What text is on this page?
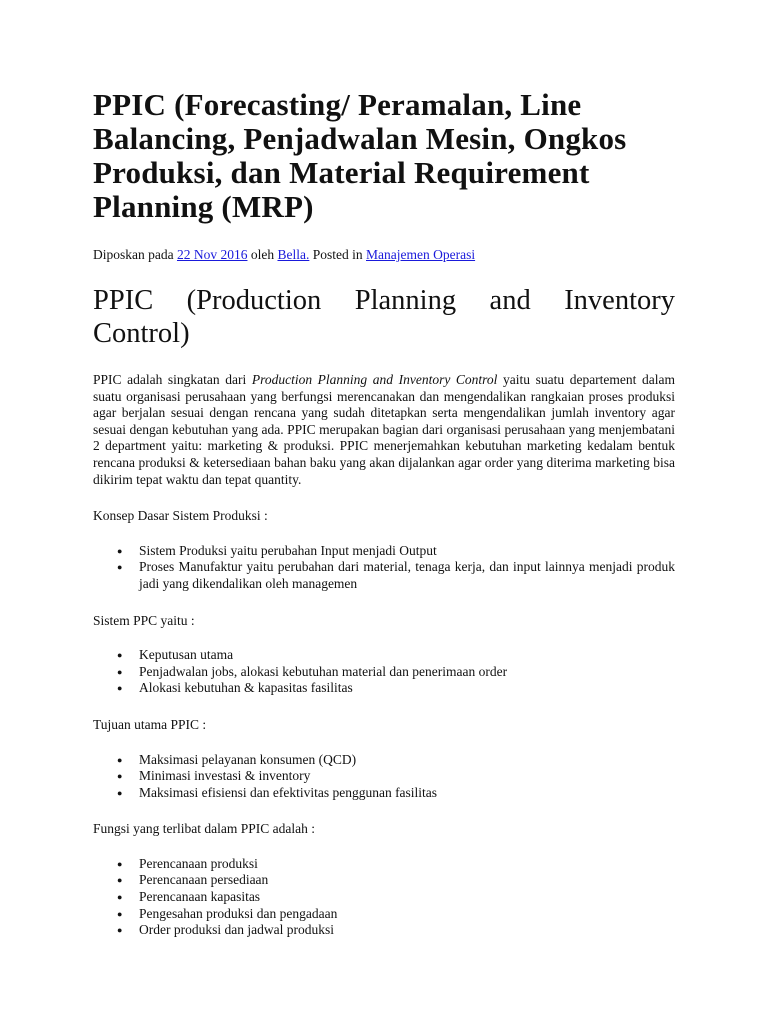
PPIC (Forecasting/ Peramalan, Line Balancing, Penjadwalan Mesin, Ongkos Produksi, dan Material Requirement Planning (MRP)
Diposkan pada 22 Nov 2016 oleh Bella. Posted in Manajemen Operasi
PPIC (Production Planning and Inventory
Control)

PPIC adalah singkatan dari Production Planning and Inventory Control yaitu suatu departement dalam suatu organisasi perusahaan yang berfungsi merencanakan dan mengendalikan rangkaian proses produksi agar berjalan sesuai dengan rencana yang sudah ditetapkan serta mengendalikan jumlah inventory agar sesuai dengan kebutuhan yang ada. PPIC merupakan bagian dari organisasi perusahaan yang menjembatani 2 department yaitu: marketing & produksi. PPIC menerjemahkan kebutuhan marketing kedalam bentuk rencana produksi & ketersediaan bahan baku yang akan dijalankan agar order yang diterima marketing bisa dikirim tepat waktu dan tepat quantity.

Konsep Dasar Sistem Produksi :

● Sistem Produksi yaitu perubahan Input menjadi Output
● Proses Manufaktur yaitu perubahan dari material, tenaga kerja, dan input lainnya menjadi produk jadi yang dikendalikan oleh managemen

Sistem PPC yaitu :

● Keputusan utama
● Penjadwalan jobs, alokasi kebutuhan material dan penerimaan order
● Alokasi kebutuhan & kapasitas fasilitas

Tujuan utama PPIC :

● Maksimasi pelayanan konsumen (QCD)
● Minimasi investasi & inventory
● Maksimasi efisiensi dan efektivitas penggunan fasilitas

Fungsi yang terlibat dalam PPIC adalah :

● Perencanaan produksi
● Perencanaan persediaan
● Perencanaan kapasitas
● Pengesahan produksi dan pengadaan
● Order produksi dan jadwal produksi
